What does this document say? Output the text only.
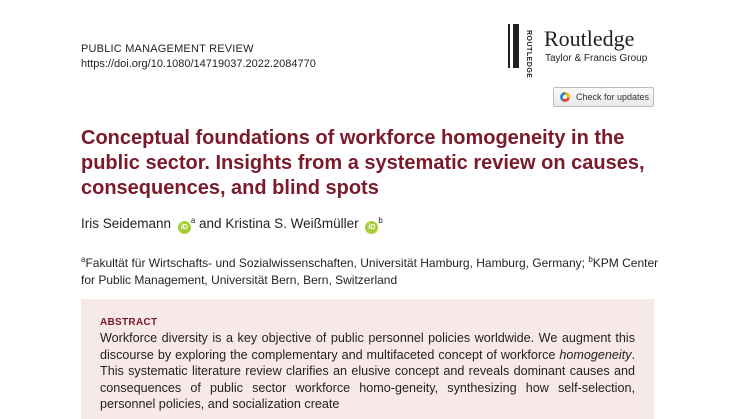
PUBLIC MANAGEMENT REVIEW
https://doi.org/10.1080/14719037.2022.2084770	ROUTLEDGE Routledge
Taylor & Francis Group
Check for updates
Conceptual foundations of workforce homogeneity in the public sector. Insights from a systematic review on causes, consequences, and blind spots
Iris Seidemann $iD^a$ and Kristina S. Weißmüller $iD^b$

$^a$Fakultät für Wirtschafts- und Sozialwissenschaften, Universität Hamburg, Hamburg, Germany; $^b$KPM Center for Public Management, Universität Bern, Bern, Switzerland

ABSTRACT

Workforce diversity is a key objective of public personnel policies worldwide. We augment this discourse by exploring the complementary and multifaceted concept of workforce homogeneity. This systematic literature review clarifies an elusive concept and reveals dominant causes and consequences of public sector workforce homo-geneity, synthesizing how self-selection, personnel policies, and socialization create
